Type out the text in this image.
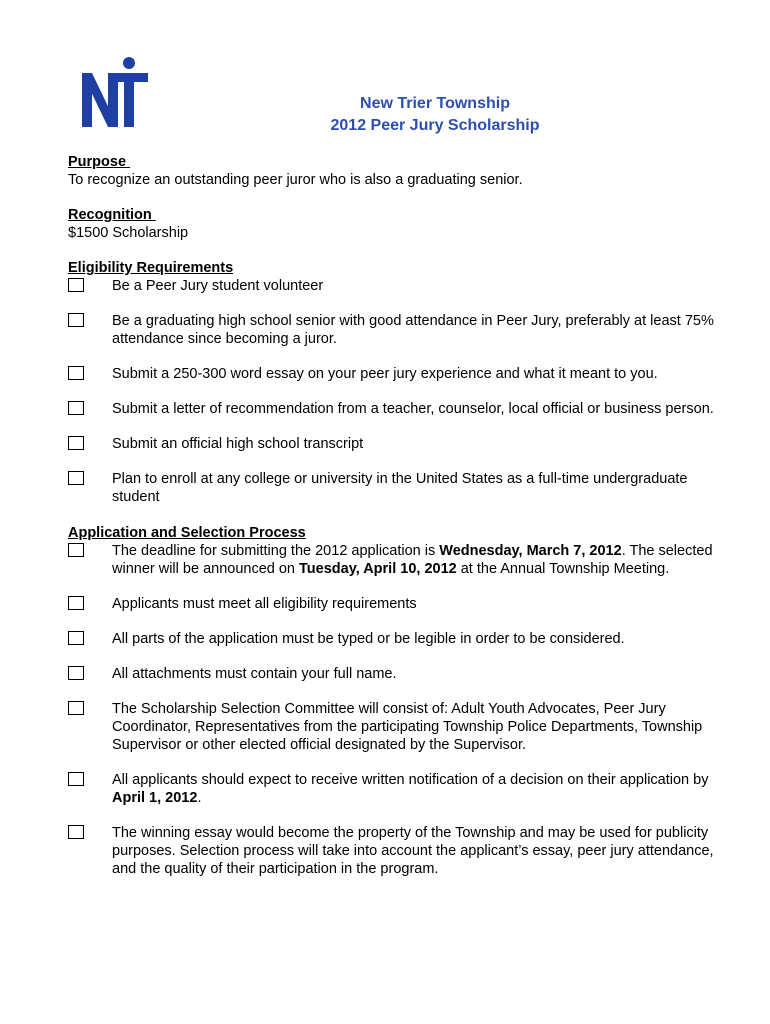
New Trier Township
2012 Peer Jury Scholarship
Purpose

To recognize an outstanding peer juror who is also a graduating senior.

Recognition

$1500 Scholarship

Eligibility Requirements
Be a Peer Jury student volunteer
Be a graduating high school senior with good attendance in Peer Jury, preferably at least 75% attendance since becoming a juror.
Submit a 250-300 word essay on your peer jury experience and what it meant to you.
Submit a letter of recommendation from a teacher, counselor, local official or business person.
Submit an official high school transcript
Plan to enroll at any college or university in the United States as a full-time undergraduate student
Application and Selection Process
The deadline for submitting the 2012 application is Wednesday, March 7, 2012. The selected winner will be announced on Tuesday, April 10, 2012 at the Annual Township Meeting.
Applicants must meet all eligibility requirements
All parts of the application must be typed or be legible in order to be considered.
All attachments must contain your full name.
The Scholarship Selection Committee will consist of: Adult Youth Advocates, Peer Jury Coordinator, Representatives from the participating Township Police Departments, Township Supervisor or other elected official designated by the Supervisor.
All applicants should expect to receive written notification of a decision on their application by April 1, 2012.
The winning essay would become the property of the Township and may be used for publicity purposes. Selection process will take into account the applicant’s essay, peer jury attendance, and the quality of their participation in the program.
